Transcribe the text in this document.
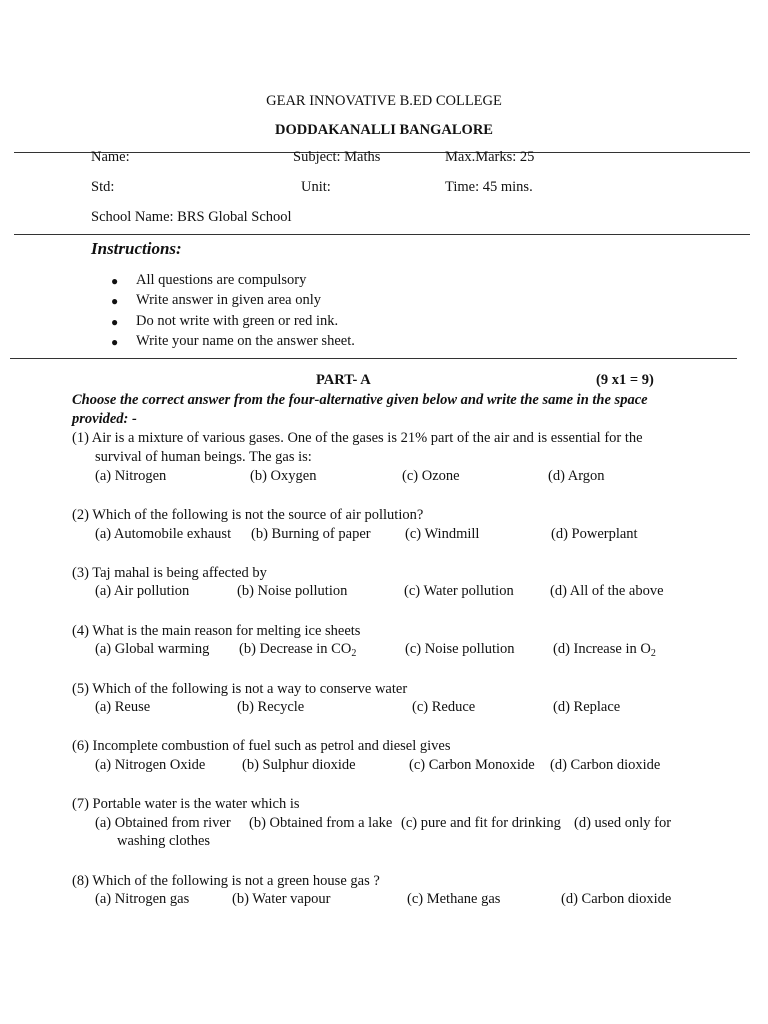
GEAR INNOVATIVE B.ED COLLEGE
DODDAKANALLI BANGALORE
Name:	Subject: Maths	Max.Marks: 25
Std:	Unit:	Time: 45 mins.
School Name: BRS Global School
Instructions:
● All questions are compulsory
● Write answer in given area only
● Do not write with green or red ink.
● Write your name on the answer sheet.
PART- A	(9 x1 = 9)
Choose the correct answer from the four-alternative given below and write the same in the space
provided: -
(1) Air is a mixture of various gases. One of the gases is 21% part of the air and is essential for the
survival of human beings. The gas is:
(a) Nitrogen	(b) Oxygen	(c) Ozone	(d) Argon
(2) Which of the following is not the source of air pollution?
(a) Automobile exhaust (b) Burning of paper (c) Windmill	(d) Powerplant
(3) Taj mahal is being affected by
(a) Air pollution	(b) Noise pollution	(c) Water pollution	(d) All of the above
(4) What is the main reason for melting ice sheets
(a) Global warming (b) Decrease in $CO_2$	(c) Noise pollution	(d) Increase in $O_2$
(5) Which of the following is not a way to conserve water
(a) Reuse	(b) Recycle	(c) Reduce	(d) Replace
(6) Incomplete combustion of fuel such as petrol and diesel gives
(a) Nitrogen Oxide	(b) Sulphur dioxide	(c) Carbon Monoxide (d) Carbon dioxide
(7) Portable water is the water which is
(a) Obtained from river (b) Obtained from a lake (c) pure and fit for drinking (d) used only for
washing clothes
(8) Which of the following is not a green house gas ?
(a) Nitrogen gas	(b) Water vapour	(c) Methane gas	(d) Carbon dioxide
